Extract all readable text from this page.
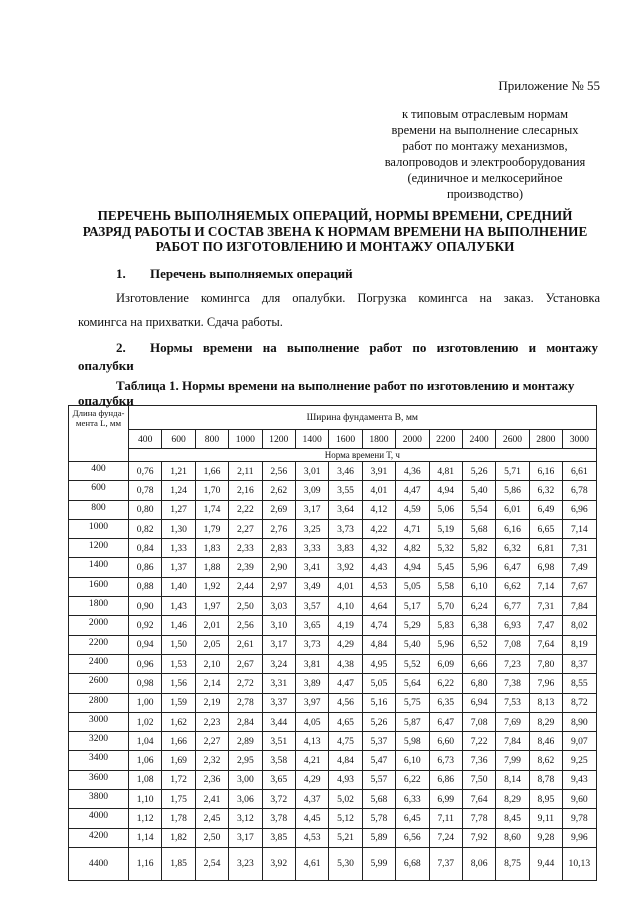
Приложение № 55
к типовым отраслевым нормам
времени на выполнение слесарных
работ по монтажу механизмов,
валопроводов и электрооборудования
(единичное и мелкосерийное
производство)
ПЕРЕЧЕНЬ ВЫПОЛНЯЕМЫХ ОПЕРАЦИЙ, НОРМЫ ВРЕМЕНИ, СРЕДНИЙ
РАЗРЯД РАБОТЫ И СОСТАВ ЗВЕНА К НОРМАМ ВРЕМЕНИ НА ВЫПОЛНЕНИЕ
РАБОТ ПО ИЗГОТОВЛЕНИЮ И МОНТАЖУ ОПАЛУБКИ
1. Перечень выполняемых операций
Изготовление комингса для опалубки. Погрузка комингса на заказ. Установка
комингса на прихватки. Сдача работы.
2. Нормы времени на выполнение работ по изготовлению и монтажу
опалубки
Таблица 1. Нормы времени на выполнение работ по изготовлению и монтажу
опалубки
Длина фунда-мента L, мм	Ширина фундамента В, мм													
	400	600	800	1000	1200	1400	1600	1800	2000	2200	2400	2600	2800	3000
	Норма времени Т, ч													
400	0,76	1,21	1,66	2,11	2,56	3,01	3,46	3,91	4,36	4,81	5,26	5,71	6,16	6,61
600	0,78	1,24	1,70	2,16	2,62	3,09	3,55	4,01	4,47	4,94	5,40	5,86	6,32	6,78
800	0,80	1,27	1,74	2,22	2,69	3,17	3,64	4,12	4,59	5,06	5,54	6,01	6,49	6,96
1000	0,82	1,30	1,79	2,27	2,76	3,25	3,73	4,22	4,71	5,19	5,68	6,16	6,65	7,14
1200	0,84	1,33	1,83	2,33	2,83	3,33	3,83	4,32	4,82	5,32	5,82	6,32	6,81	7,31
1400	0,86	1,37	1,88	2,39	2,90	3,41	3,92	4,43	4,94	5,45	5,96	6,47	6,98	7,49
1600	0,88	1,40	1,92	2,44	2,97	3,49	4,01	4,53	5,05	5,58	6,10	6,62	7,14	7,67
1800	0,90	1,43	1,97	2,50	3,03	3,57	4,10	4,64	5,17	5,70	6,24	6,77	7,31	7,84
2000	0,92	1,46	2,01	2,56	3,10	3,65	4,19	4,74	5,29	5,83	6,38	6,93	7,47	8,02
2200	0,94	1,50	2,05	2,61	3,17	3,73	4,29	4,84	5,40	5,96	6,52	7,08	7,64	8,19
2400	0,96	1,53	2,10	2,67	3,24	3,81	4,38	4,95	5,52	6,09	6,66	7,23	7,80	8,37
2600	0,98	1,56	2,14	2,72	3,31	3,89	4,47	5,05	5,64	6,22	6,80	7,38	7,96	8,55
2800	1,00	1,59	2,19	2,78	3,37	3,97	4,56	5,16	5,75	6,35	6,94	7,53	8,13	8,72
3000	1,02	1,62	2,23	2,84	3,44	4,05	4,65	5,26	5,87	6,47	7,08	7,69	8,29	8,90
3200	1,04	1,66	2,27	2,89	3,51	4,13	4,75	5,37	5,98	6,60	7,22	7,84	8,46	9,07
3400	1,06	1,69	2,32	2,95	3,58	4,21	4,84	5,47	6,10	6,73	7,36	7,99	8,62	9,25
3600	1,08	1,72	2,36	3,00	3,65	4,29	4,93	5,57	6,22	6,86	7,50	8,14	8,78	9,43
3800	1,10	1,75	2,41	3,06	3,72	4,37	5,02	5,68	6,33	6,99	7,64	8,29	8,95	9,60
4000	1,12	1,78	2,45	3,12	3,78	4,45	5,12	5,78	6,45	7,11	7,78	8,45	9,11	9,78
4200	1,14	1,82	2,50	3,17	3,85	4,53	5,21	5,89	6,56	7,24	7,92	8,60	9,28	9,96
4400	1,16	1,85	2,54	3,23	3,92	4,61	5,30	5,99	6,68	7,37	8,06	8,75	9,44	10,13
